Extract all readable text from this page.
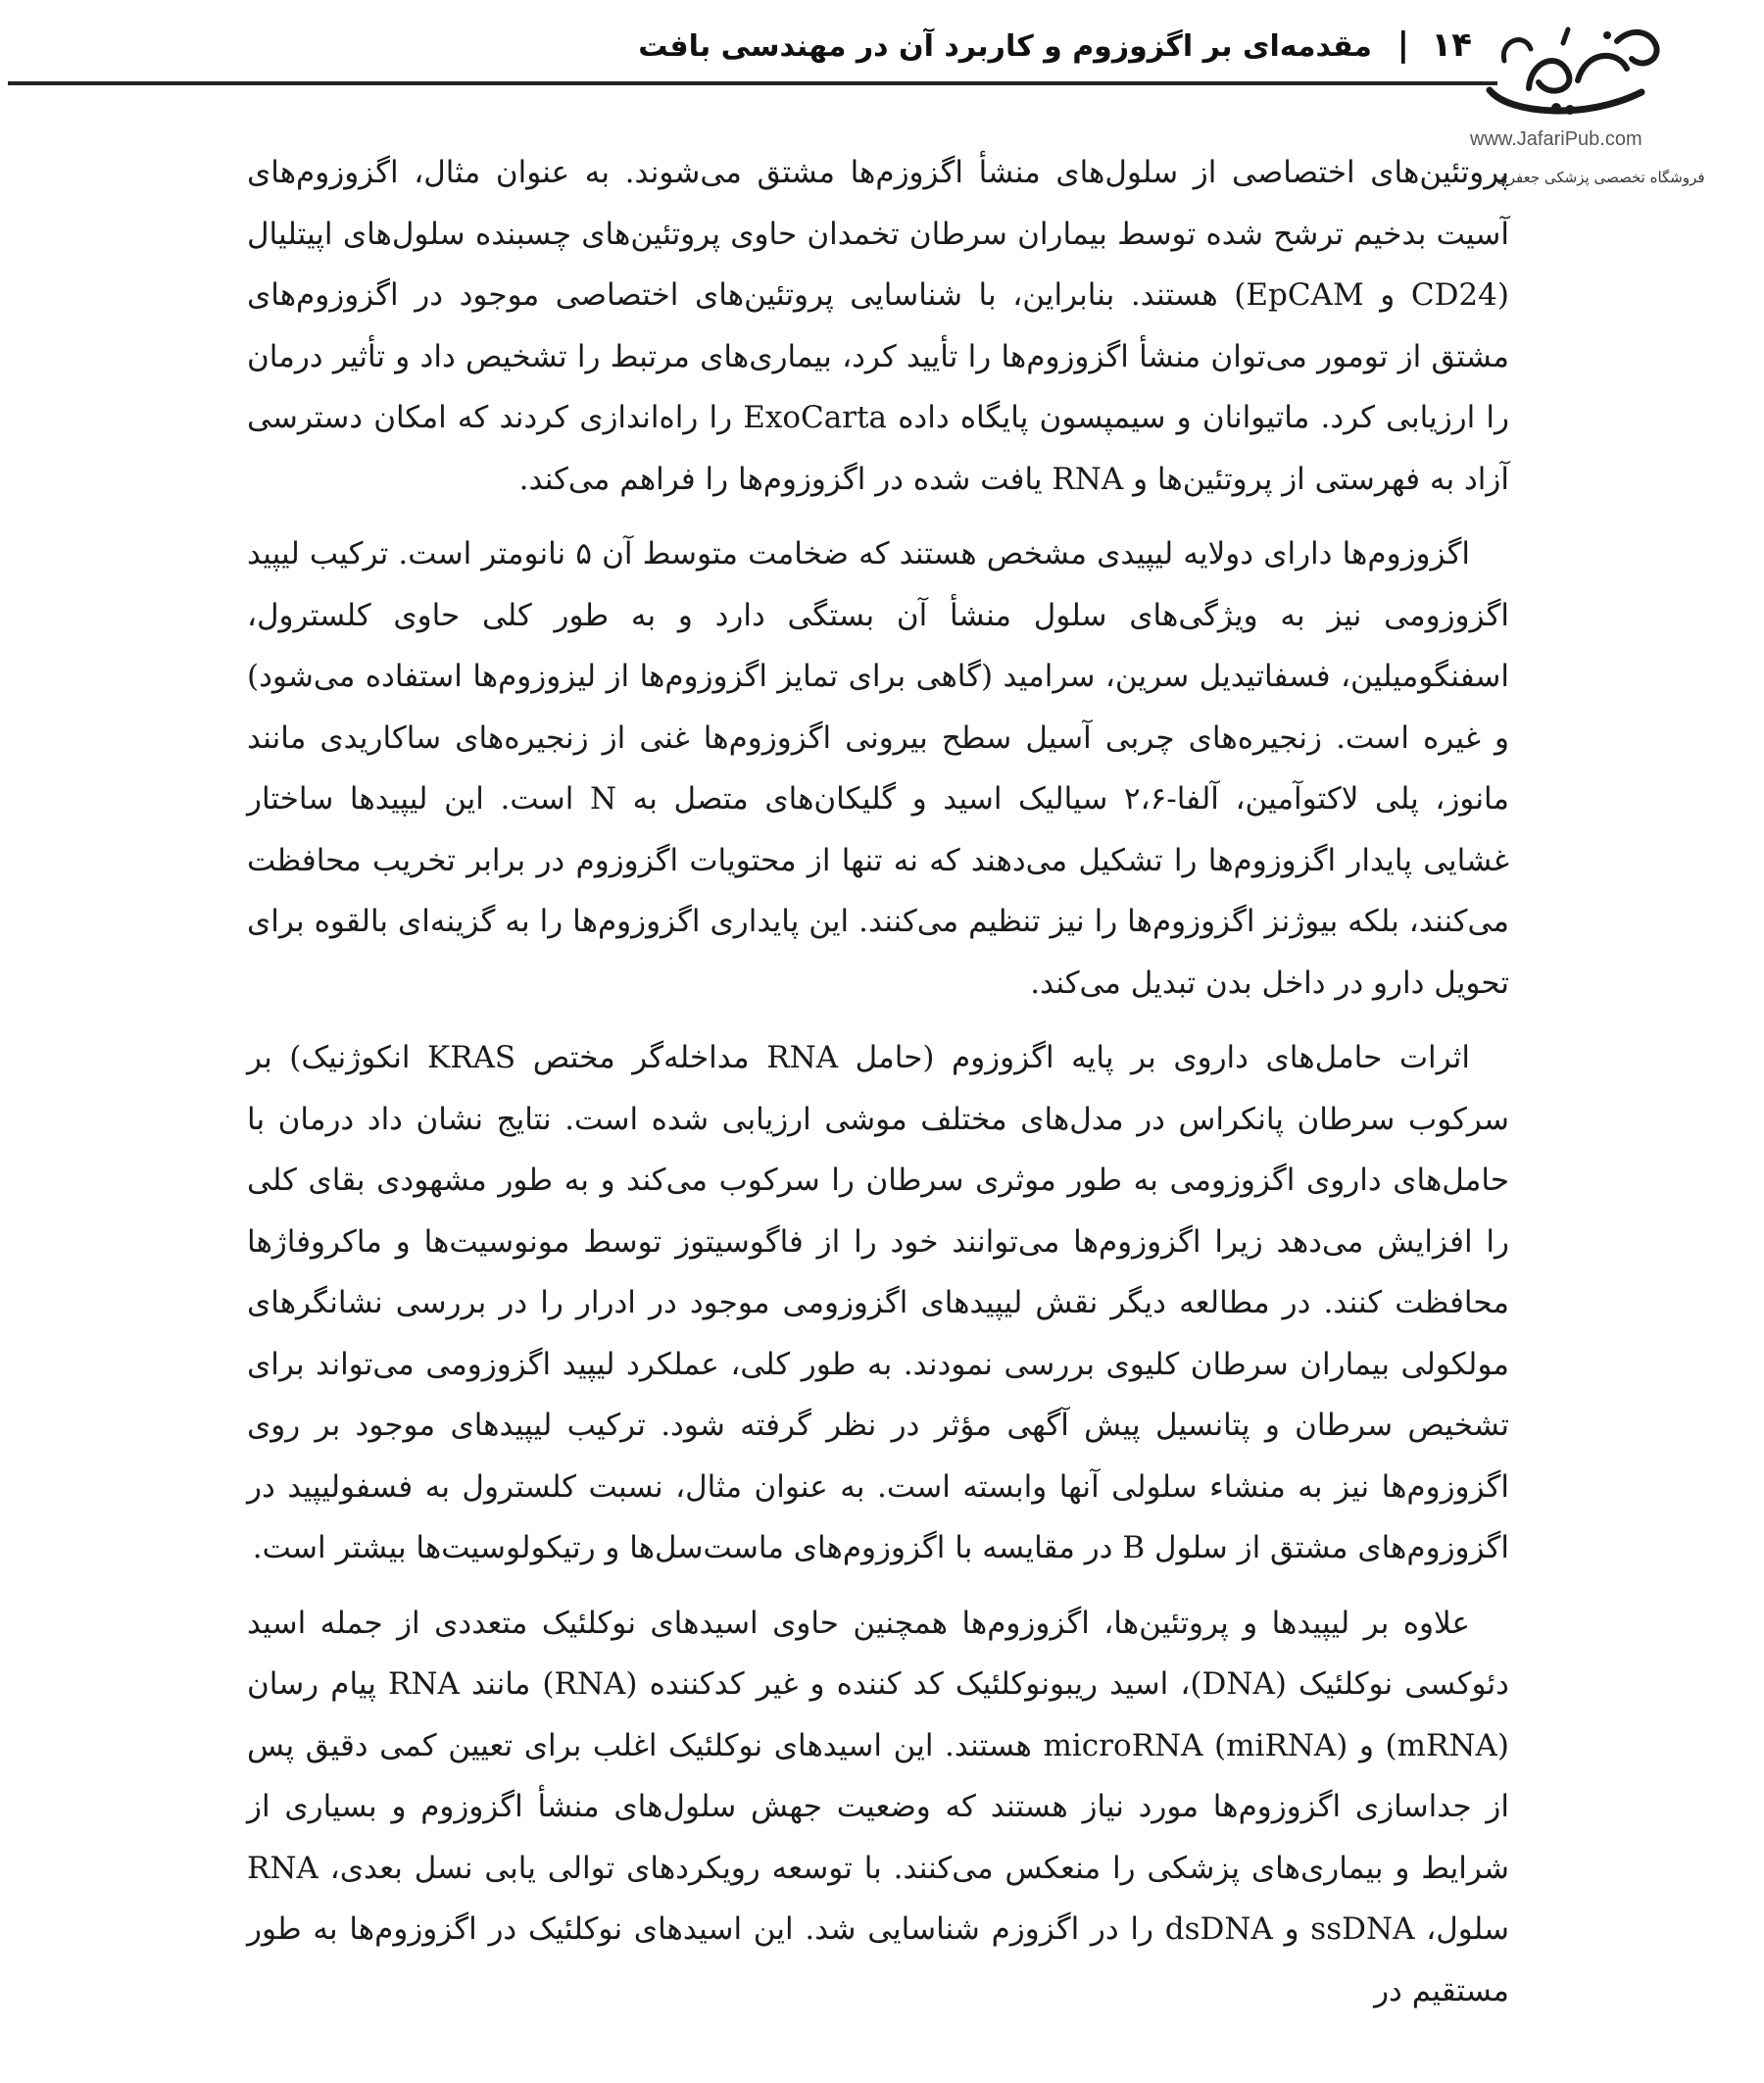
مقدمه‌ای بر اگزوزوم و کاربرد آن در مهندسی بافت | ۱۴
www.JafariPub.com
فروشگاه تخصصی پزشکی جعفری

پروتئین‌های اختصاصی از سلول‌های منشأ اگزوزم‌ها مشتق می‌شوند. به عنوان مثال، اگزوزوم‌های آسیت بدخیم ترشح شده توسط بیماران سرطان تخمدان حاوی پروتئین‌های چسبنده سلول‌های اپیتلیال (CD24 و EpCAM) هستند. بنابراین، با شناسایی پروتئین‌های اختصاصی موجود در اگزوزوم‌های مشتق از تومور می‌توان منشأ اگزوزوم‌ها را تأیید کرد، بیماری‌های مرتبط را تشخیص داد و تأثیر درمان را ارزیابی کرد. ماتیوانان و سیمپسون پایگاه داده ExoCarta را راه‌اندازی کردند که امکان دسترسی آزاد به فهرستی از پروتئین‌ها و RNA یافت شده در اگزوزوم‌ها را فراهم می‌کند.

اگزوزوم‌ها دارای دولایه لیپیدی مشخص هستند که ضخامت متوسط آن ۵ نانومتر است. ترکیب لیپید اگزوزومی نیز به ویژگی‌های سلول منشأ آن بستگی دارد و به طور کلی حاوی کلسترول، اسفنگومیلین، فسفاتیدیل سرین، سرامید (گاهی برای تمایز اگزوزوم‌ها از لیزوزوم‌ها استفاده می‌شود) و غیره است. زنجیره‌های چربی آسیل سطح بیرونی اگزوزوم‌ها غنی از زنجیره‌های ساکاریدی مانند مانوز، پلی لاکتوآمین، آلفا-۲،۶ سیالیک اسید و گلیکان‌های متصل به N است. این لیپیدها ساختار غشایی پایدار اگزوزوم‌ها را تشکیل می‌دهند که نه تنها از محتویات اگزوزوم در برابر تخریب محافظت می‌کنند، بلکه بیوژنز اگزوزوم‌ها را نیز تنظیم می‌کنند. این پایداری اگزوزوم‌ها را به گزینه‌ای بالقوه برای تحویل دارو در داخل بدن تبدیل می‌کند.

اثرات حامل‌های داروی بر پایه اگزوزوم (حامل RNA مداخله‌گر مختص KRAS انکوژنیک) بر سرکوب سرطان پانکراس در مدل‌های مختلف موشی ارزیابی شده است. نتایج نشان داد درمان با حامل‌های داروی اگزوزومی به طور موثری سرطان را سرکوب می‌کند و به طور مشهودی بقای کلی را افزایش می‌دهد زیرا اگزوزوم‌ها می‌توانند خود را از فاگوسیتوز توسط مونوسیت‌ها و ماکروفاژها محافظت کنند. در مطالعه دیگر نقش لیپیدهای اگزوزومی موجود در ادرار را در بررسی نشانگرهای مولکولی بیماران سرطان کلیوی بررسی نمودند. به طور کلی، عملکرد لیپید اگزوزومی می‌تواند برای تشخیص سرطان و پتانسیل پیش آگهی مؤثر در نظر گرفته شود. ترکیب لیپیدهای موجود بر روی اگزوزوم‌ها نیز به منشاء سلولی آنها وابسته است. به عنوان مثال، نسبت کلسترول به فسفولیپید در اگزوزوم‌های مشتق از سلول B در مقایسه با اگزوزوم‌های ماست‌سل‌ها و رتیکولوسیت‌ها بیشتر است.

علاوه بر لیپیدها و پروتئین‌ها، اگزوزوم‌ها همچنین حاوی اسیدهای نوکلئیک متعددی از جمله اسید دئوکسی نوکلئیک (DNA)، اسید ریبونوکلئیک کد کننده و غیر کدکننده (RNA) مانند RNA پیام رسان (mRNA) و microRNA (miRNA) هستند. این اسیدهای نوکلئیک اغلب برای تعیین کمی دقیق پس از جداسازی اگزوزوم‌ها مورد نیاز هستند که وضعیت جهش سلول‌های منشأ اگزوزوم و بسیاری از شرایط و بیماری‌های پزشکی را منعکس می‌کنند. با توسعه رویکردهای توالی یابی نسل بعدی، RNA سلول، ssDNA و dsDNA را در اگزوزم شناسایی شد. این اسیدهای نوکلئیک در اگزوزوم‌ها به طور مستقیم در
